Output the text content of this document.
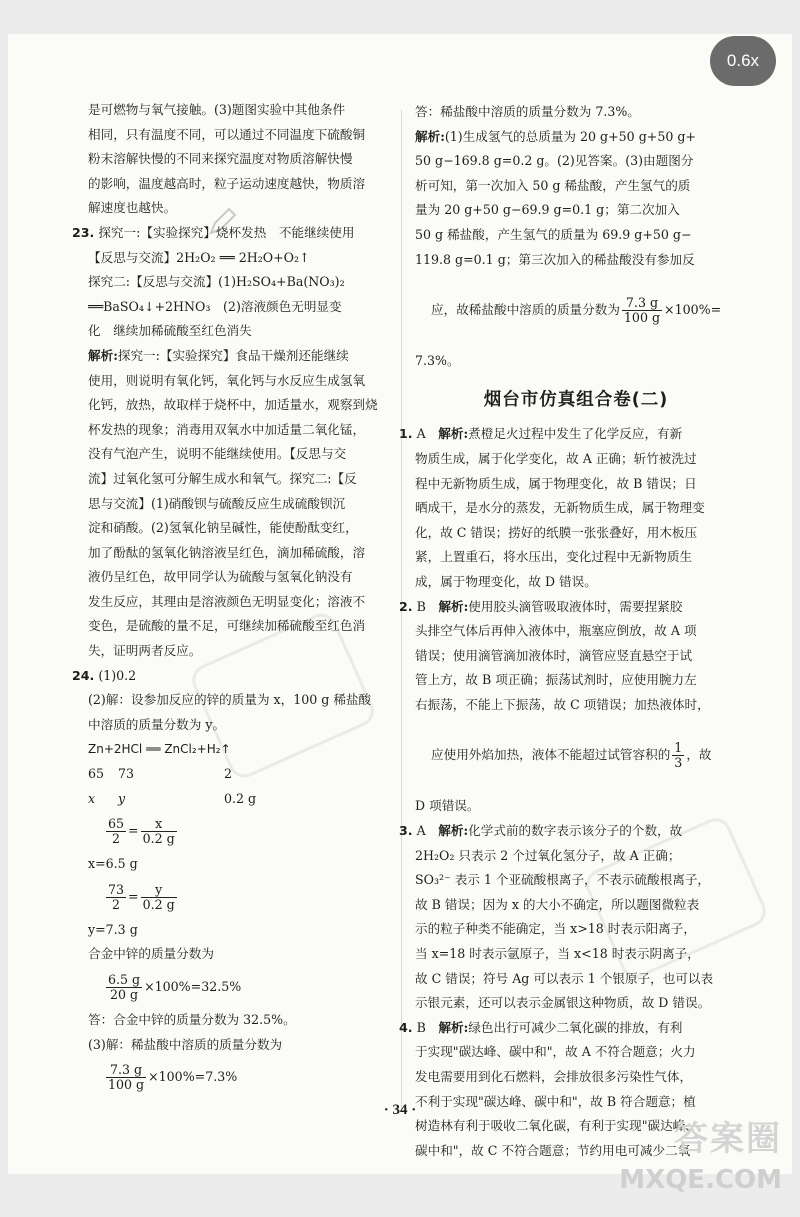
0.6x

是可燃物与氧气接触。(3)题图实验中其他条件

相同，只有温度不同，可以通过不同温度下硫酸铜

粉末溶解快慢的不同来探究温度对物质溶解快慢

的影响，温度越高时，粒子运动速度越快，物质溶

解速度也越快。

23. 探究一:【实验探究】烧杯发热　不能继续使用

【反思与交流】2H₂O₂ ══ 2H₂O+O₂↑

探究二:【反思与交流】(1)H₂SO₄+Ba(NO₃)₂

══BaSO₄↓+2HNO₃　(2)溶液颜色无明显变

化　继续加稀硫酸至红色消失

解析:探究一:【实验探究】食品干燥剂还能继续

使用，则说明有氧化钙，氧化钙与水反应生成氢氧

化钙，放热，故取样于烧杯中，加适量水，观察到烧

杯发热的现象；消毒用双氧水中加适量二氧化锰，

没有气泡产生，说明不能继续使用。【反思与交

流】过氧化氢可分解生成水和氧气。探究二:【反

思与交流】(1)硝酸钡与硫酸反应生成硫酸钡沉

淀和硝酸。(2)氢氧化钠呈碱性，能使酚酞变红，

加了酚酞的氢氧化钠溶液呈红色，滴加稀硫酸，溶

液仍呈红色，故甲同学认为硫酸与氢氧化钠没有

发生反应，其理由是溶液颜色无明显变化；溶液不

变色，是硫酸的量不足，可继续加稀硫酸至红色消

失，证明两者反应。

24. (1)0.2

(2)解：设参加反应的锌的质量为 x，100 g 稀盐酸

中溶质的质量分数为 y。

Zn+2HCl ══ ZnCl₂+H₂↑

65	73	2
x	y	0.2 g
$\frac{65}{2} = \frac{x}{0.2 g}$

x=6.5 g

$\frac{73}{2} = \frac{y}{0.2 g}$

y=7.3 g

合金中锌的质量分数为

$\frac{6.5 g}{20 g} \times 100\%=32.5\%$

答：合金中锌的质量分数为 32.5%。

(3)解：稀盐酸中溶质的质量分数为

$\frac{7.3 g}{100 g} \times 100\%=7.3\%$

答：稀盐酸中溶质的质量分数为 7.3%。

解析:(1)生成氢气的总质量为 20 g+50 g+50 g+

50 g−169.8 g=0.2 g。(2)见答案。(3)由题图分

析可知，第一次加入 50 g 稀盐酸，产生氢气的质

量为 20 g+50 g−69.9 g=0.1 g；第二次加入

50 g 稀盐酸，产生氢气的质量为 69.9 g+50 g−

119.8 g=0.1 g；第三次加入的稀盐酸没有参加反

应，故稀盐酸中溶质的质量分数为 $\frac{7.3 g}{100 g} \times 100\%=$

7.3%。

烟台市仿真组合卷(二)

1. A　 解析:煮橙足火过程中发生了化学反应，有新

物质生成，属于化学变化，故 A 正确；斩竹被洗过

程中无新物质生成，属于物理变化，故 B 错误；日

晒成干，是水分的蒸发，无新物质生成，属于物理变

化，故 C 错误；捞好的纸膜一张张叠好，用木板压

紧，上置重石，将水压出，变化过程中无新物质生

成，属于物理变化，故 D 错误。

2. B　 解析:使用胶头滴管吸取液体时，需要捏紧胶

头排空气体后再伸入液体中，瓶塞应倒放，故 A 项

错误；使用滴管滴加液体时，滴管应竖直悬空于试

管上方，故 B 项正确；振荡试剂时，应使用腕力左

右振荡，不能上下振荡，故 C 项错误；加热液体时，

应使用外焰加热，液体不能超过试管容积的 $\frac{1}{3}$ ，故

D 项错误。

3. A　 解析:化学式前的数字表示该分子的个数，故

2H₂O₂ 只表示 2 个过氧化氢分子，故 A 正确；

SO₃²⁻ 表示 1 个亚硫酸根离子，不表示硫酸根离子，

故 B 错误；因为 x 的大小不确定，所以题图微粒表

示的粒子种类不能确定，当 x>18 时表示阳离子，

当 x=18 时表示氩原子，当 x<18 时表示阴离子，

故 C 错误；符号 Ag 可以表示 1 个银原子，也可以表

示银元素，还可以表示金属银这种物质，故 D 错误。

4. B　 解析:绿色出行可减少二氧化碳的排放，有利

于实现"碳达峰、碳中和"，故 A 不符合题意；火力

发电需要用到化石燃料，会排放很多污染性气体，

不利于实现"碳达峰、碳中和"，故 B 符合题意；植

树造林有利于吸收二氧化碳，有利于实现"碳达峰、

碳中和"，故 C 不符合题意；节约用电可减少二氧

· 34 ·
答案圈
MXQE.COM
